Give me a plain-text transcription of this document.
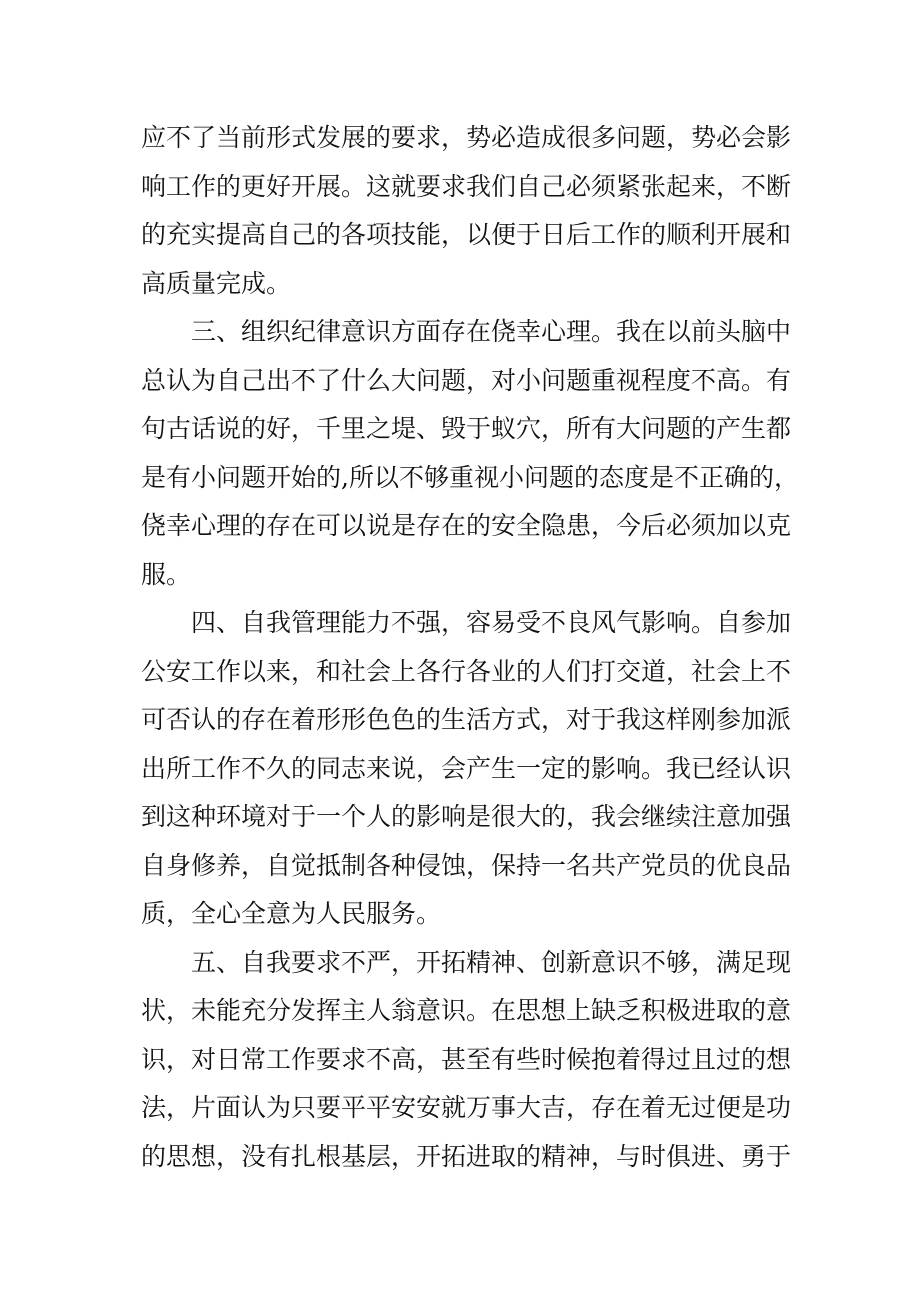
应不了当前形式发展的要求，势必造成很多问题，势必会影
响工作的更好开展。这就要求我们自己必须紧张起来，不断
的充实提高自己的各项技能，以便于日后工作的顺利开展和
高质量完成。
三、组织纪律意识方面存在侥幸心理。我在以前头脑中
总认为自己出不了什么大问题，对小问题重视程度不高。有
句古话说的好，千里之堤、毁于蚁穴，所有大问题的产生都
是有小问题开始的,所以不够重视小问题的态度是不正确的，
侥幸心理的存在可以说是存在的安全隐患，今后必须加以克
服。
四、自我管理能力不强，容易受不良风气影响。自参加
公安工作以来，和社会上各行各业的人们打交道，社会上不
可否认的存在着形形色色的生活方式，对于我这样刚参加派
出所工作不久的同志来说，会产生一定的影响。我已经认识
到这种环境对于一个人的影响是很大的，我会继续注意加强
自身修养，自觉抵制各种侵蚀，保持一名共产党员的优良品
质，全心全意为人民服务。
五、自我要求不严，开拓精神、创新意识不够，满足现
状，未能充分发挥主人翁意识。在思想上缺乏积极进取的意
识，对日常工作要求不高，甚至有些时候抱着得过且过的想
法，片面认为只要平平安安就万事大吉，存在着无过便是功
的思想，没有扎根基层，开拓进取的精神，与时俱进、勇于
